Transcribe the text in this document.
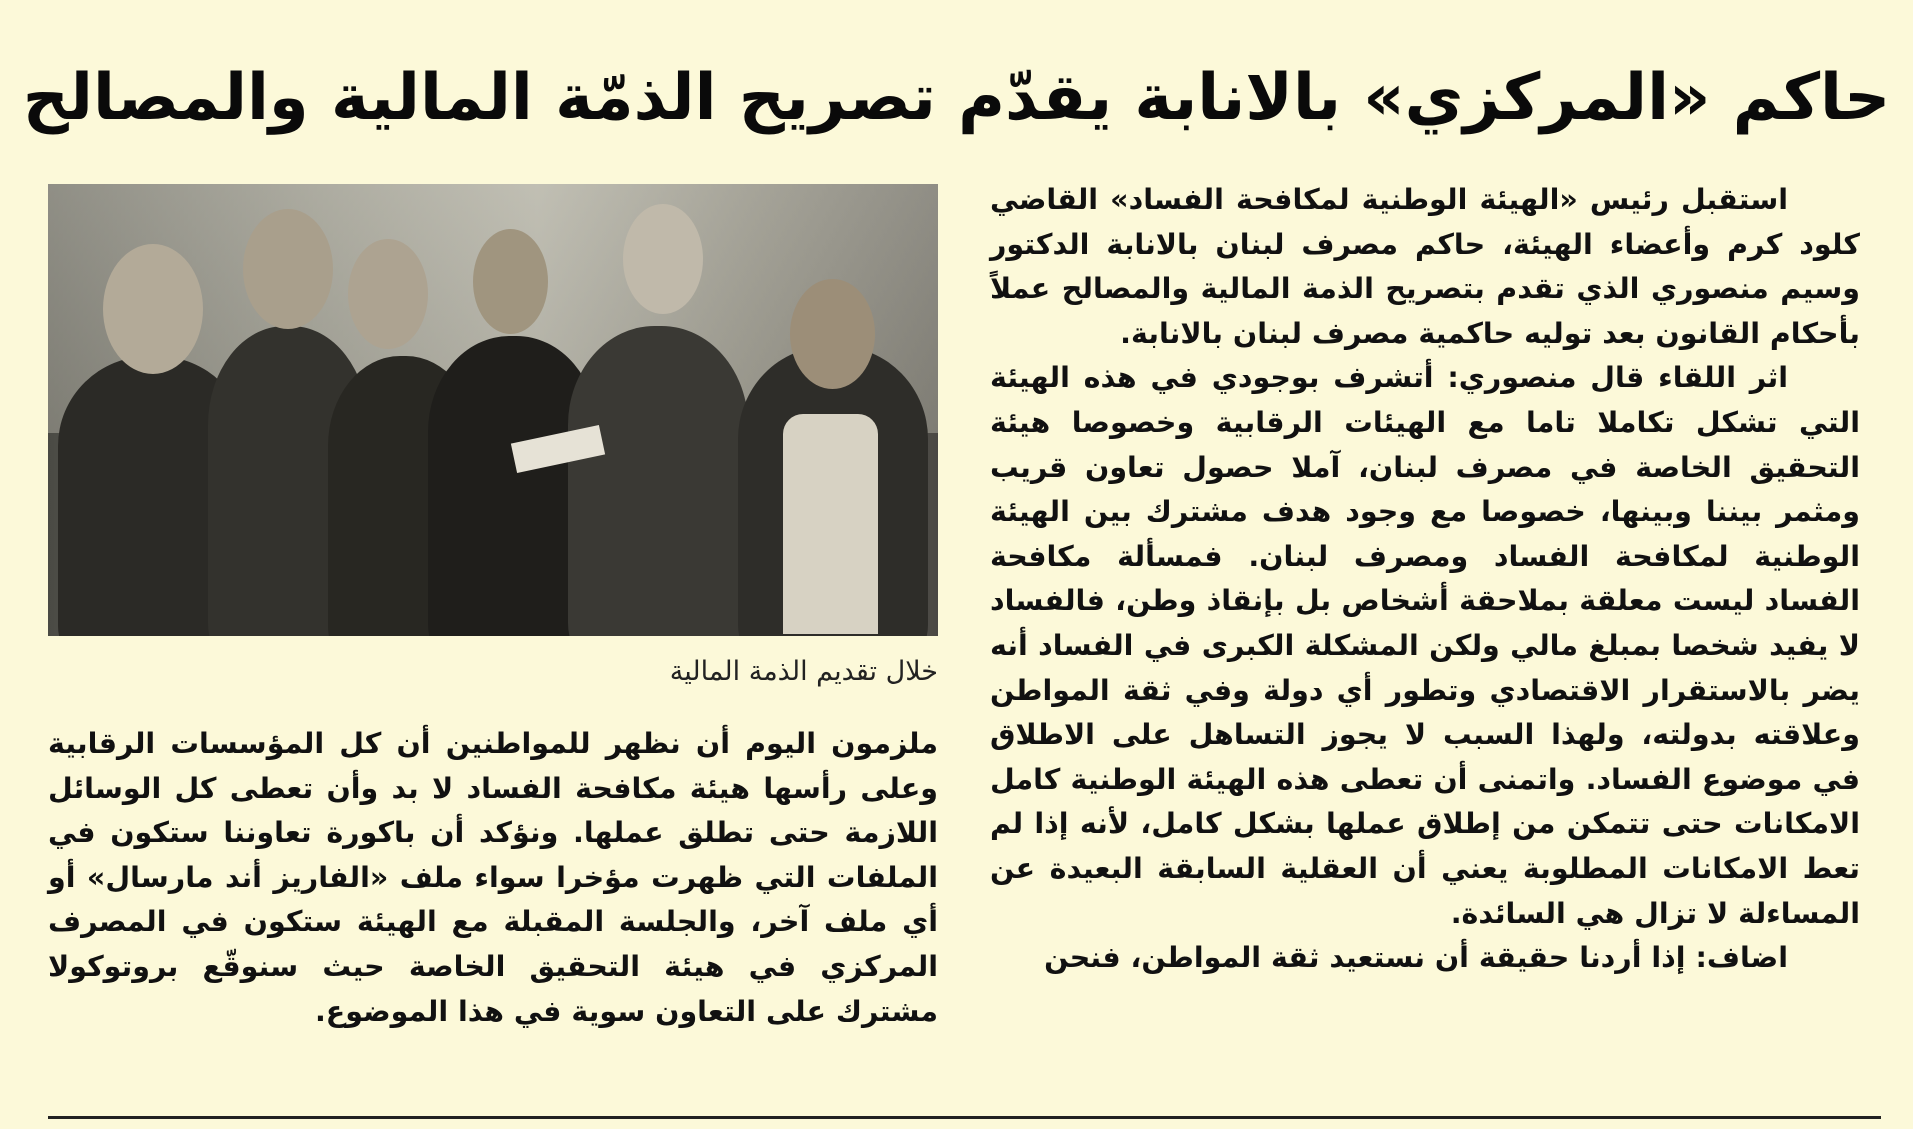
حاكم «المركزي» بالانابة يقدّم تصريح الذمّة المالية والمصالح
خلال تقديم الذمة المالية

استقبل رئيس «الهيئة الوطنية لمكافحة الفساد» القاضي كلود كرم وأعضاء الهيئة، حاكم مصرف لبنان بالانابة الدكتور وسيم منصوري الذي تقدم بتصريح الذمة المالية والمصالح عملاً بأحكام القانون بعد توليه حاكمية مصرف لبنان بالانابة.

اثر اللقاء قال منصوري: أتشرف بوجودي في هذه الهيئة التي تشكل تكاملا تاما مع الهيئات الرقابية وخصوصا هيئة التحقيق الخاصة في مصرف لبنان، آملا حصول تعاون قريب ومثمر بيننا وبينها، خصوصا مع وجود هدف مشترك بين الهيئة الوطنية لمكافحة الفساد ومصرف لبنان. فمسألة مكافحة الفساد ليست معلقة بملاحقة أشخاص بل بإنقاذ وطن، فالفساد لا يفيد شخصا بمبلغ مالي ولكن المشكلة الكبرى في الفساد أنه يضر بالاستقرار الاقتصادي وتطور أي دولة وفي ثقة المواطن وعلاقته بدولته، ولهذا السبب لا يجوز التساهل على الاطلاق في موضوع الفساد. واتمنى أن تعطى هذه الهيئة الوطنية كامل الامكانات حتى تتمكن من إطلاق عملها بشكل كامل، لأنه إذا لم تعط الامكانات المطلوبة يعني أن العقلية السابقة البعيدة عن المساءلة لا تزال هي السائدة.

اضاف: إذا أردنا حقيقة أن نستعيد ثقة المواطن، فنحن

ملزمون اليوم أن نظهر للمواطنين أن كل المؤسسات الرقابية وعلى رأسها هيئة مكافحة الفساد لا بد وأن تعطى كل الوسائل اللازمة حتى تطلق عملها. ونؤكد أن باكورة تعاوننا ستكون في الملفات التي ظهرت مؤخرا سواء ملف «الفاريز أند مارسال» أو أي ملف آخر، والجلسة المقبلة مع الهيئة ستكون في المصرف المركزي في هيئة التحقيق الخاصة حيث سنوقّع بروتوكولا مشترك على التعاون سوية في هذا الموضوع.
